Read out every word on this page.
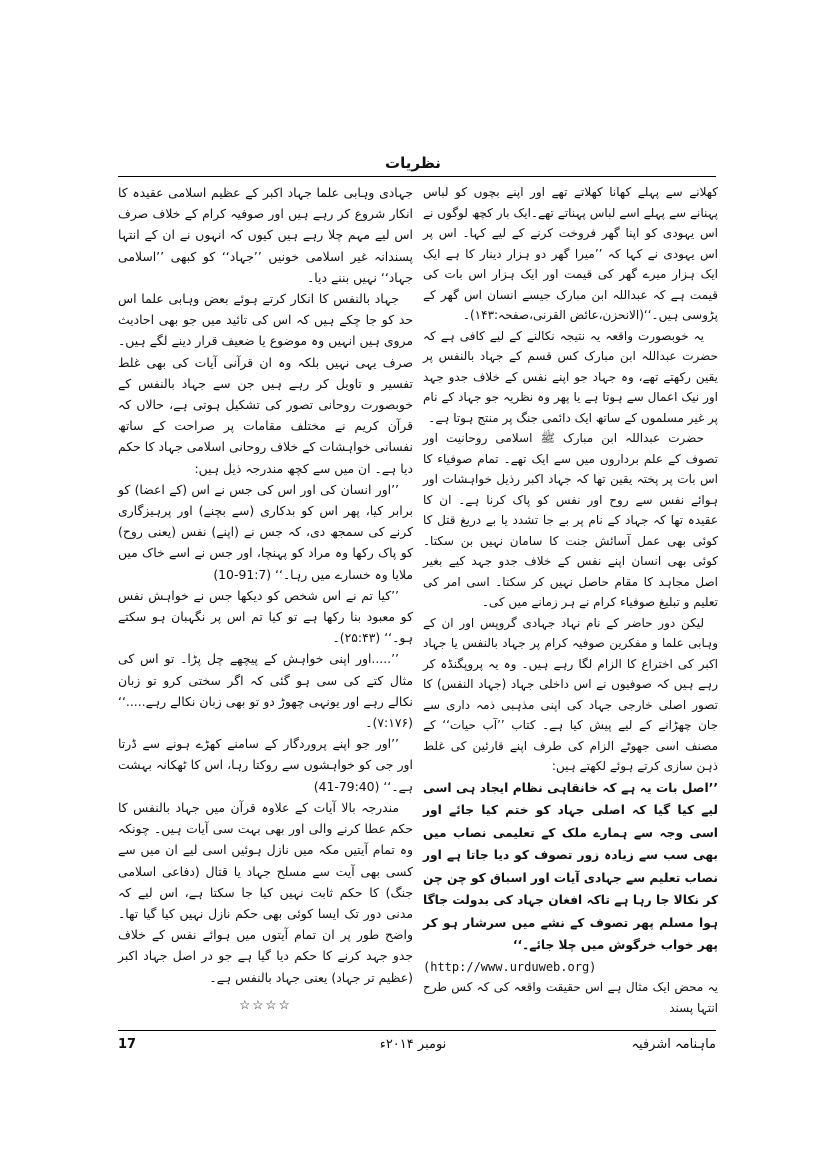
نظریات

کھلانے سے پہلے کھانا کھلاتے تھے اور اپنے بچوں کو لباس پہنانے سے پہلے اسے لباس پہناتے تھے۔ایک بار کچھ لوگوں نے اس یہودی کو اپنا گھر فروخت کرنے کے لیے کہا۔ اس پر اس یہودی نے کہا کہ ’’میرا گھر دو ہزار دینار کا ہے ایک ایک ہزار میرے گھر کی قیمت اور ایک ہزار اس بات کی قیمت ہے کہ عبداللہ ابن مبارک جیسے انسان اس گھر کے پڑوسی ہیں۔‘‘(الانحزن،عائض القرنی،صفحہ:۱۴۳)۔

یہ خوبصورت واقعہ یہ نتیجہ نکالنے کے لیے کافی ہے کہ حضرت عبداللہ ابن مبارک کس قسم کے جہاد بالنفس پر یقین رکھتے تھے، وہ جہاد جو اپنے نفس کے خلاف جدو جہد اور نیک اعمال سے ہوتا ہے یا پھر وہ نظریہ جو جہاد کے نام پر غیر مسلموں کے ساتھ ایک دائمی جنگ پر منتج ہوتا ہے۔

حضرت عبداللہ ابن مبارک ﷺ اسلامی روحانیت اور تصوف کے علم برداروں میں سے ایک تھے۔ تمام صوفیاء کا اس بات پر پختہ یقین تھا کہ جہاد اکبر رذیل خواہشات اور ہوائے نفس سے روح اور نفس کو پاک کرنا ہے۔ ان کا عقیدہ تھا کہ جہاد کے نام پر بے جا تشدد یا بے دریغ قتل کا کوئی بھی عمل آسائش جنت کا سامان نہیں بن سکتا۔ کوئی بھی انسان اپنے نفس کے خلاف جدو جہد کیے بغیر اصل مجاہد کا مقام حاصل نہیں کر سکتا۔ اسی امر کی تعلیم و تبلیغ صوفیاء کرام نے ہر زمانے میں کی۔

لیکن دور حاضر کے نام نہاد جہادی گروپس اور ان کے وہابی علما و مفکرین صوفیہ کرام پر جہاد بالنفس یا جہاد اکبر کی اختراع کا الزام لگا رہے ہیں۔ وہ یہ پروپگنڈہ کر رہے ہیں کہ صوفیوں نے اس داخلی جہاد (جہاد النفس) کا تصور اصلی خارجی جہاد کی اپنی مذہبی ذمہ داری سے جان چھڑانے کے لیے پیش کیا ہے۔ کتاب ’’آب حیات‘‘ کے مصنف اسی جھوٹے الزام کی طرف اپنے قارئین کی غلط ذہن سازی کرتے ہوئے لکھتے ہیں:

’’اصل بات یہ ہے کہ خانقاہی نظام ایجاد ہی اسی لیے کیا گیا کہ اصلی جہاد کو ختم کیا جائے اور اسی وجہ سے ہمارے ملک کے تعلیمی نصاب میں بھی سب سے زیادہ زور تصوف کو دیا جاتا ہے اور نصاب تعلیم سے جہادی آیات اور اسباق کو چن چن کر نکالا جا رہا ہے تاکہ افغان جہاد کی بدولت جاگا ہوا مسلم پھر تصوف کے نشے میں سرشار ہو کر پھر خواب خرگوش میں چلا جائے۔‘‘

(http://www.urduweb.org)

یہ محض ایک مثال ہے اس حقیقت واقعہ کی کہ کس طرح انتہا پسند

جہادی وہابی علما جہاد اکبر کے عظیم اسلامی عقیدہ کا انکار شروع کر رہے ہیں اور صوفیہ کرام کے خلاف صرف اس لیے مہم چلا رہے ہیں کیوں کہ انہوں نے ان کے انتہا پسندانہ غیر اسلامی خونیں ’’جہاد‘‘ کو کبھی ’’اسلامی جہاد‘‘ نہیں بننے دیا۔

جہاد بالنفس کا انکار کرتے ہوئے بعض وہابی علما اس حد کو جا چکے ہیں کہ اس کی تائید میں جو بھی احادیث مروی ہیں انہیں وہ موضوع یا ضعیف قرار دینے لگے ہیں۔ صرف یہی نہیں بلکہ وہ ان قرآنی آیات کی بھی غلط تفسیر و تاویل کر رہے ہیں جن سے جہاد بالنفس کے خوبصورت روحانی تصور کی تشکیل ہوتی ہے، حالاں کہ قرآن کریم نے مختلف مقامات پر صراحت کے ساتھ نفسانی خواہشات کے خلاف روحانی اسلامی جہاد کا حکم دیا ہے۔ ان میں سے کچھ مندرجہ ذیل ہیں:

’’اور انسان کی اور اس کی جس نے اس (کے اعضا) کو برابر کیا، پھر اس کو بدکاری (سے بچنے) اور پرہیزگاری کرنے کی سمجھ دی، کہ جس نے (اپنے) نفس (یعنی روح) کو پاک رکھا وہ مراد کو پہنچا، اور جس نے اسے خاک میں ملایا وہ خسارے میں رہا۔‘‘ (91:7-10)

’’کیا تم نے اس شخص کو دیکھا جس نے خواہش نفس کو معبود بنا رکھا ہے تو کیا تم اس پر نگہبان ہو سکتے ہو۔‘‘ (۲۵:۴۳)۔

’’.....اور اپنی خواہش کے پیچھے چل پڑا۔ تو اس کی مثال کتے کی سی ہو گئی کہ اگر سختی کرو تو زبان نکالے رہے اور یونہی چھوڑ دو تو بھی زبان نکالے رہے.....‘‘ (۷:۱۷۶)۔

’’اور جو اپنے پروردگار کے سامنے کھڑے ہونے سے ڈرتا اور جی کو خواہشوں سے روکتا رہا، اس کا ٹھکانہ بہشت ہے۔‘‘ (79:40-41)

مندرجہ بالا آیات کے علاوہ قرآن میں جہاد بالنفس کا حکم عطا کرنے والی اور بھی بہت سی آیات ہیں۔ چونکہ وہ تمام آیتیں مکہ میں نازل ہوئیں اسی لیے ان میں سے کسی بھی آیت سے مسلح جہاد یا قتال (دفاعی اسلامی جنگ) کا حکم ثابت نہیں کیا جا سکتا ہے، اس لیے کہ مدنی دور تک ایسا کوئی بھی حکم نازل نہیں کیا گیا تھا۔ واضح طور پر ان تمام آیتوں میں ہوائے نفس کے خلاف جدو جہد کرنے کا حکم دیا گیا ہے جو در اصل جہاد اکبر (عظیم تر جہاد) یعنی جہاد بالنفس ہے۔

☆☆☆☆

ماہنامہ اشرفیہ
نومبر ۲۰۱۴ء
17
